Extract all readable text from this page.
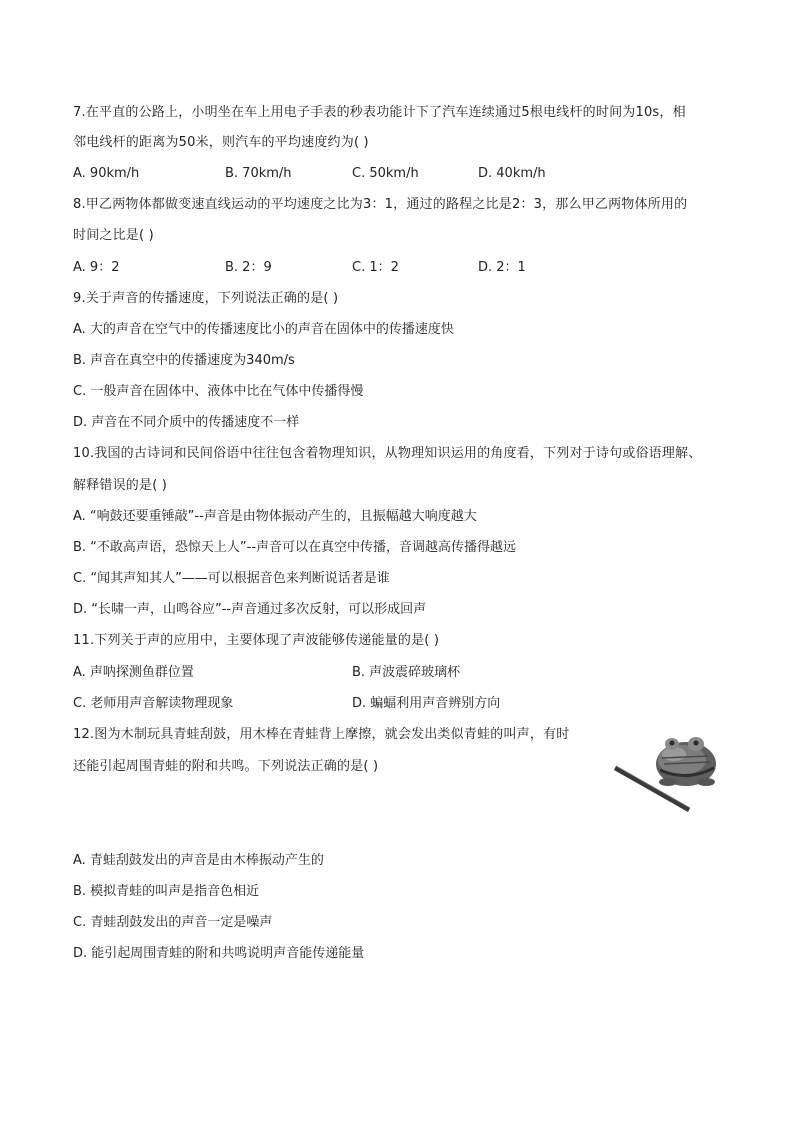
7.在平直的公路上，小明坐在车上用电子手表的秒表功能计下了汽车连续通过5根电线杆的时间为10s，相
邻电线杆的距离为50米，则汽车的平均速度约为( )
A. 90km/h	B. 70km/h	C. 50km/h	D. 40km/h
8.甲乙两物体都做变速直线运动的平均速度之比为3：1，通过的路程之比是2：3，那么甲乙两物体所用的
时间之比是( )
A. 9：2	B. 2：9	C. 1：2	D. 2：1
9.关于声音的传播速度，下列说法正确的是( )
A. 大的声音在空气中的传播速度比小的声音在固体中的传播速度快
B. 声音在真空中的传播速度为340m/s
C. 一般声音在固体中、液体中比在气体中传播得慢
D. 声音在不同介质中的传播速度不一样
10.我国的古诗词和民间俗语中往往包含着物理知识，从物理知识运用的角度看，下列对于诗句或俗语理解、
解释错误的是( )
A. “响鼓还要重锤敲”--声音是由物体振动产生的，且振幅越大响度越大
B. “不敢高声语，恐惊天上人”--声音可以在真空中传播，音调越高传播得越远
C. “闻其声知其人”——可以根据音色来判断说话者是谁
D. “长啸一声，山鸣谷应”--声音通过多次反射，可以形成回声
11.下列关于声的应用中，主要体现了声波能够传递能量的是( )
A. 声呐探测鱼群位置	B. 声波震碎玻璃杯
C. 老师用声音解读物理现象	D. 蝙蝠利用声音辨别方向
12.图为木制玩具青蛙刮鼓，用木棒在青蛙背上摩擦，就会发出类似青蛙的叫声，有时
还能引起周围青蛙的附和共鸣。下列说法正确的是( )
A. 青蛙刮鼓发出的声音是由木棒振动产生的
B. 模拟青蛙的叫声是指音色相近
C. 青蛙刮鼓发出的声音一定是噪声
D. 能引起周围青蛙的附和共鸣说明声音能传递能量
